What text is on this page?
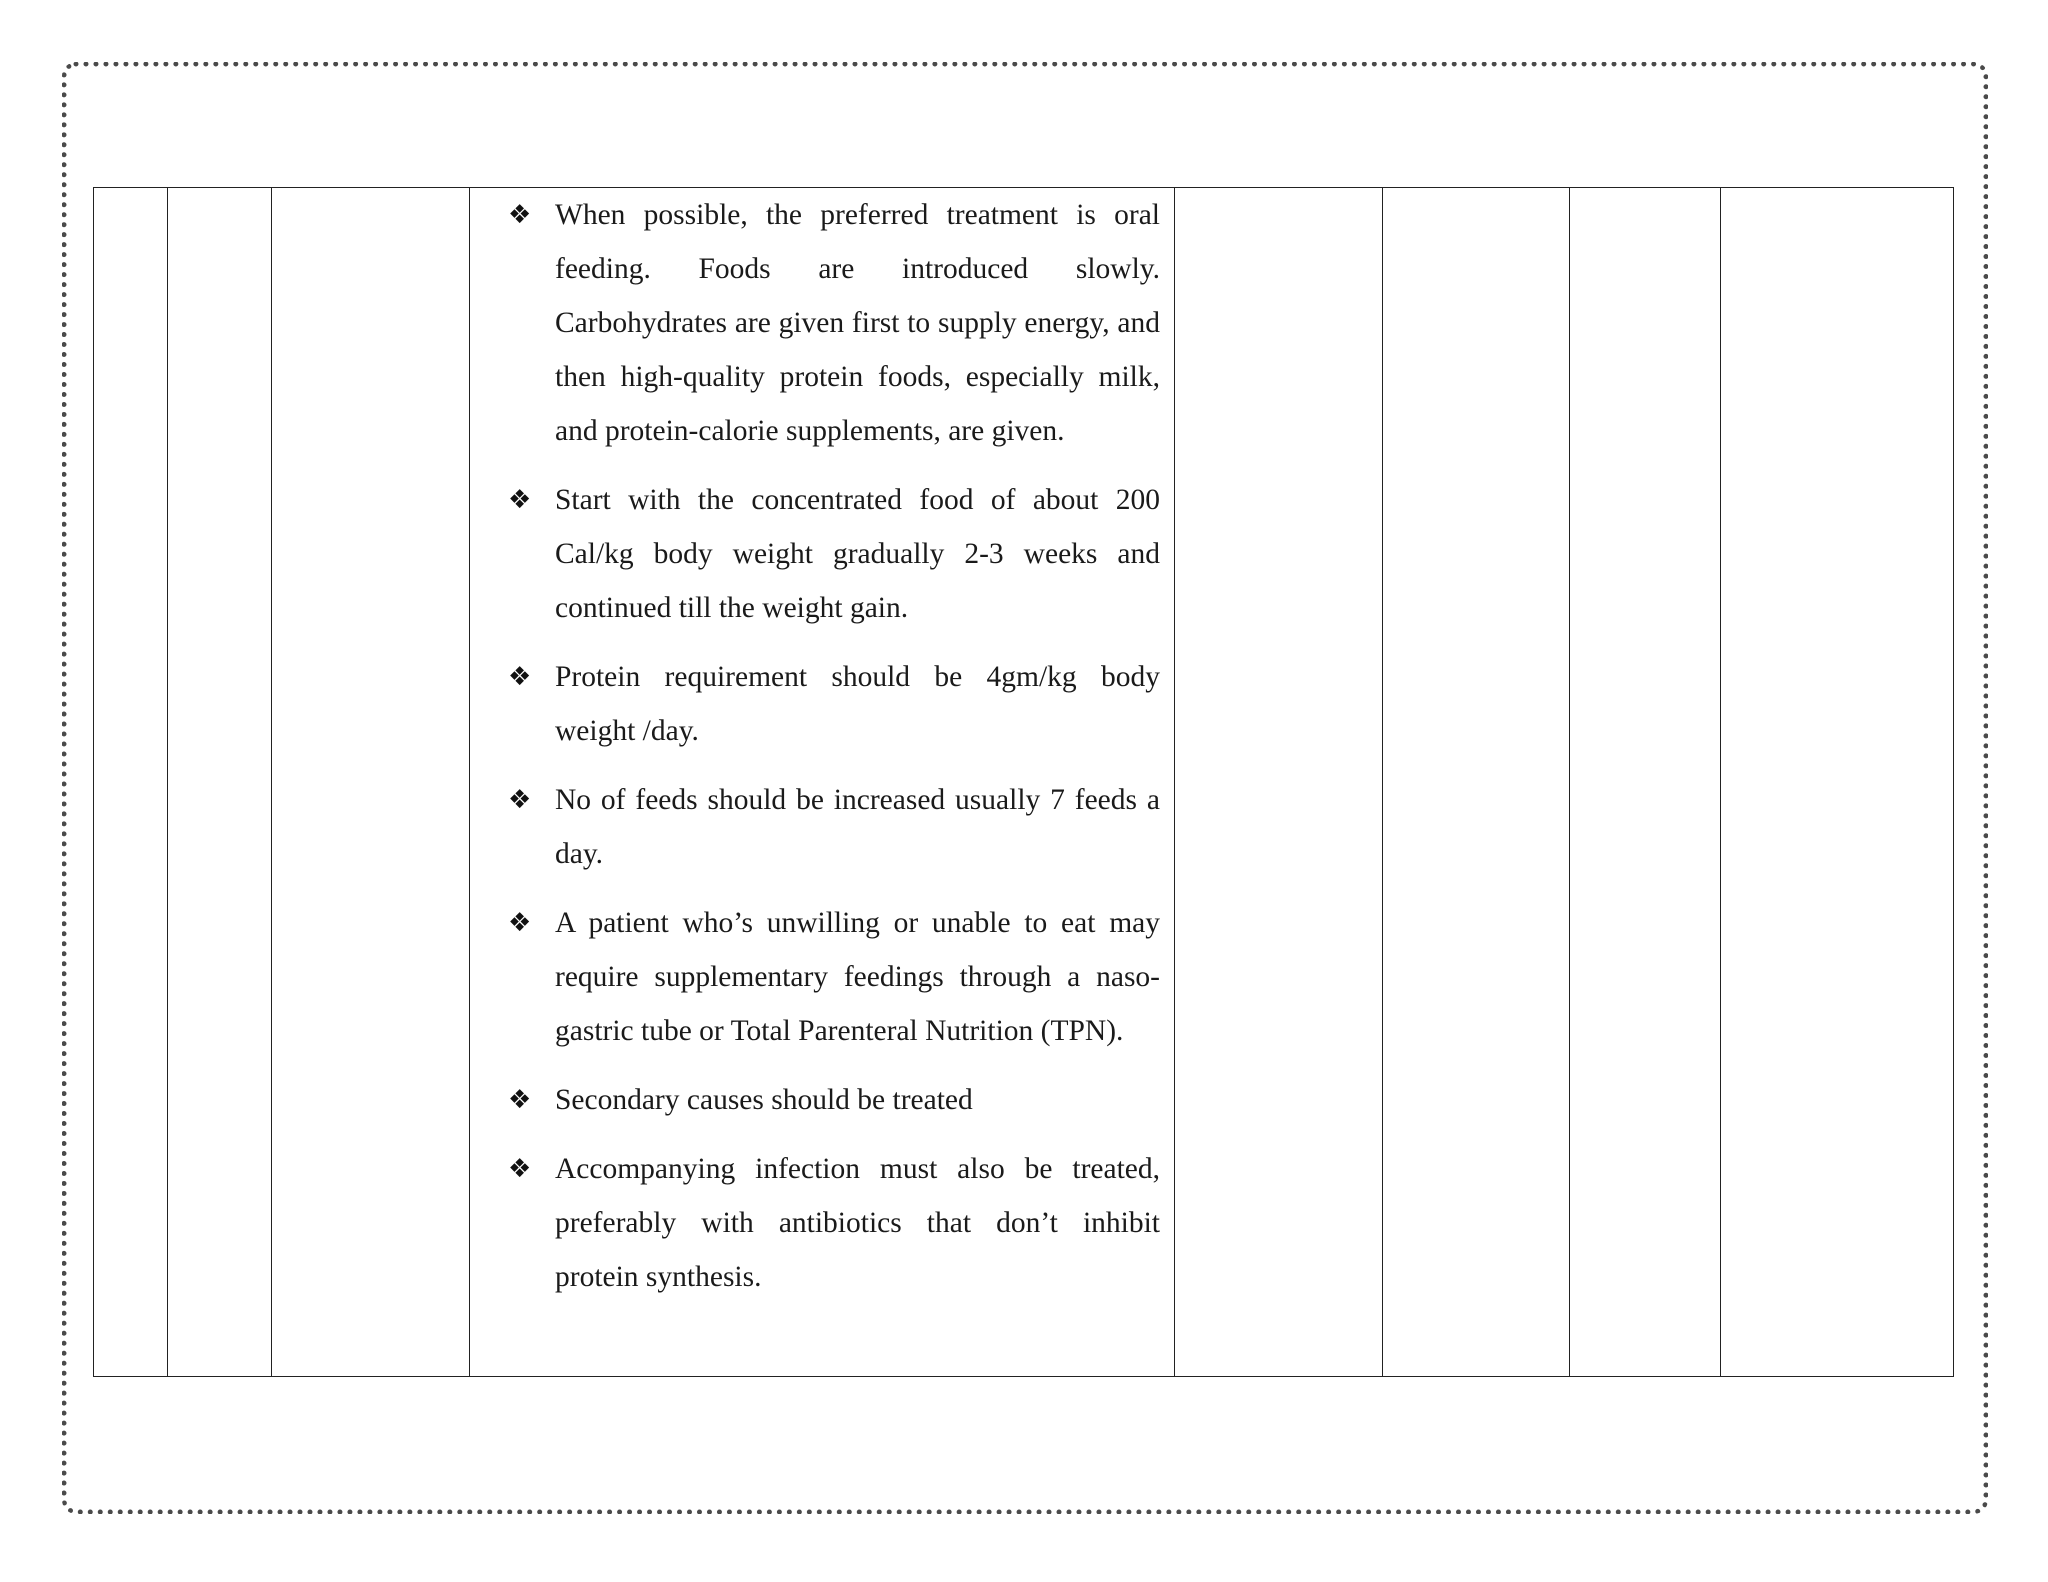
❖ When possible, the preferred treatment is oral feeding. Foods are introduced slowly. Carbohydrates are given first to supply energy, and then high-quality protein foods, especially milk, and protein-calorie supplements, are given.
❖ Start with the concentrated food of about 200 Cal/kg body weight gradually 2-3 weeks and continued till the weight gain.
❖ Protein requirement should be 4gm/kg body weight /day.
❖ No of feeds should be increased usually 7 feeds a day.
❖ A patient who’s unwilling or unable to eat may require supplementary feedings through a naso-gastric tube or Total Parenteral Nutrition (TPN).
❖ Secondary causes should be treated
❖ Accompanying infection must also be treated, preferably with antibiotics that don’t inhibit protein synthesis.
